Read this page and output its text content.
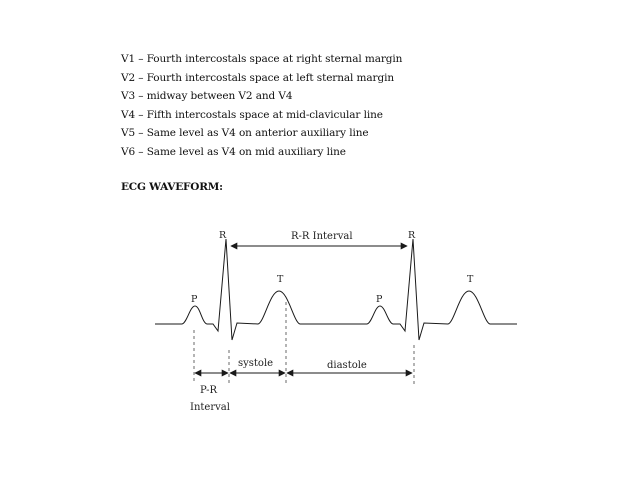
V1 – Fourth intercostals space at right sternal margin
V2 – Fourth intercostals space at left sternal margin
V3 – midway between V2 and V4
V4 – Fifth intercostals space at mid-clavicular line
V5 – Same level as V4 on anterior auxiliary line
V6 – Same level as V4 on mid auxiliary line
ECG WAVEFORM:
R	R
P	P
T	T
R-R Interval
systole	diastole
P-R
Interval
